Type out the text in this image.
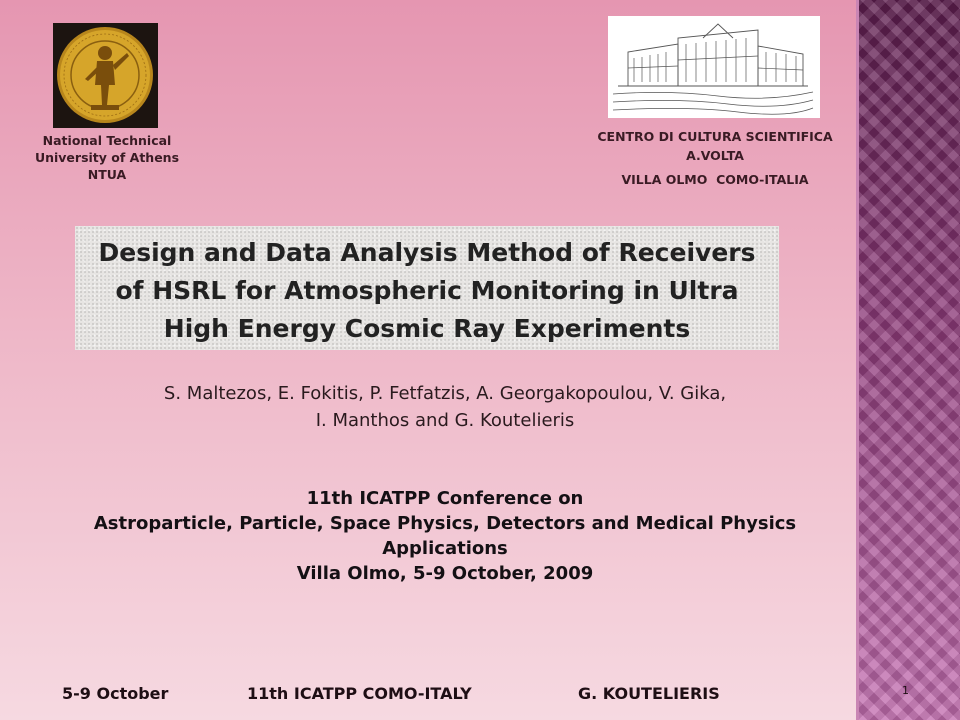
National Technical
University of Athens
NTUA
CENTRO DI CULTURA SCIENTIFICA
A.VOLTA
VILLA OLMO  COMO-ITALIA
Design and Data Analysis Method of Receivers
of HSRL for Atmospheric Monitoring in Ultra
High Energy Cosmic Ray Experiments
S. Maltezos, E. Fokitis, P. Fetfatzis, A. Georgakopoulou, V. Gika,
I. Manthos and G. Koutelieris
11th ICATPP Conference on
Astroparticle, Particle, Space Physics, Detectors and Medical Physics
Applications
Villa Olmo, 5-9 October, 2009
5-9 October	11th ICATPP COMO-ITALY	G. KOUTELIERIS	1
